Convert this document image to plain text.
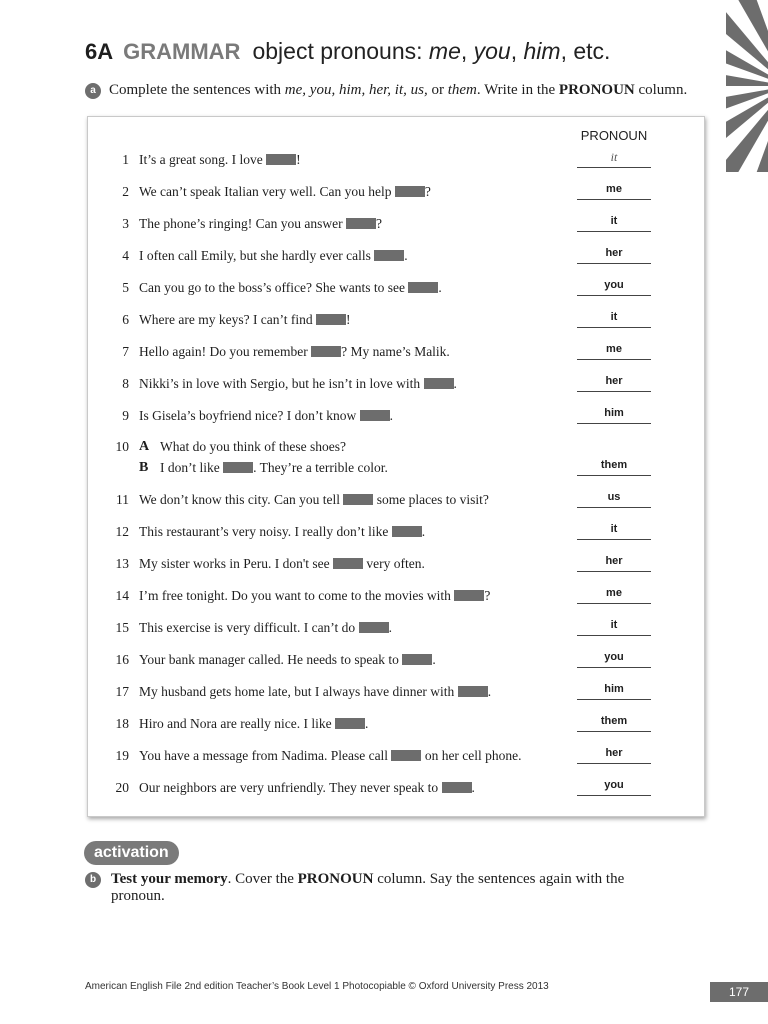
6A GRAMMAR object pronouns: me, you, him, etc.
a Complete the sentences with me, you, him, her, it, us, or them. Write in the PRONOUN column.
PRONOUN
1 It’s a great song. I love !	it
2 We can’t speak Italian very well. Can you help ?	me
3 The phone’s ringing! Can you answer ?	it
4 I often call Emily, but she hardly ever calls .	her
5 Can you go to the boss’s office? She wants to see .	you
6 Where are my keys? I can’t find !	it
7 Hello again! Do you remember ? My name’s Malik.	me
8 Nikki’s in love with Sergio, but he isn’t in love with .	her
9 Is Gisela’s boyfriend nice? I don’t know .	him
10 A What do you think of these shoes?
B I don’t like . They’re a terrible color.	them
11 We don’t know this city. Can you tell  some places to visit?	us
12 This restaurant’s very noisy. I really don’t like .	it
13 My sister works in Peru. I don't see  very often.	her
14 I’m free tonight. Do you want to come to the movies with ?	me
15 This exercise is very difficult. I can’t do .	it
16 Your bank manager called. He needs to speak to .	you
17 My husband gets home late, but I always have dinner with .	him
18 Hiro and Nora are really nice. I like .	them
19 You have a message from Nadima. Please call  on her cell phone.	her
20 Our neighbors are very unfriendly. They never speak to .	you
activation
b Test your memory. Cover the PRONOUN column. Say the sentences again with the pronoun.
American English File 2nd edition Teacher’s Book Level 1 Photocopiable © Oxford University Press 2013	177
